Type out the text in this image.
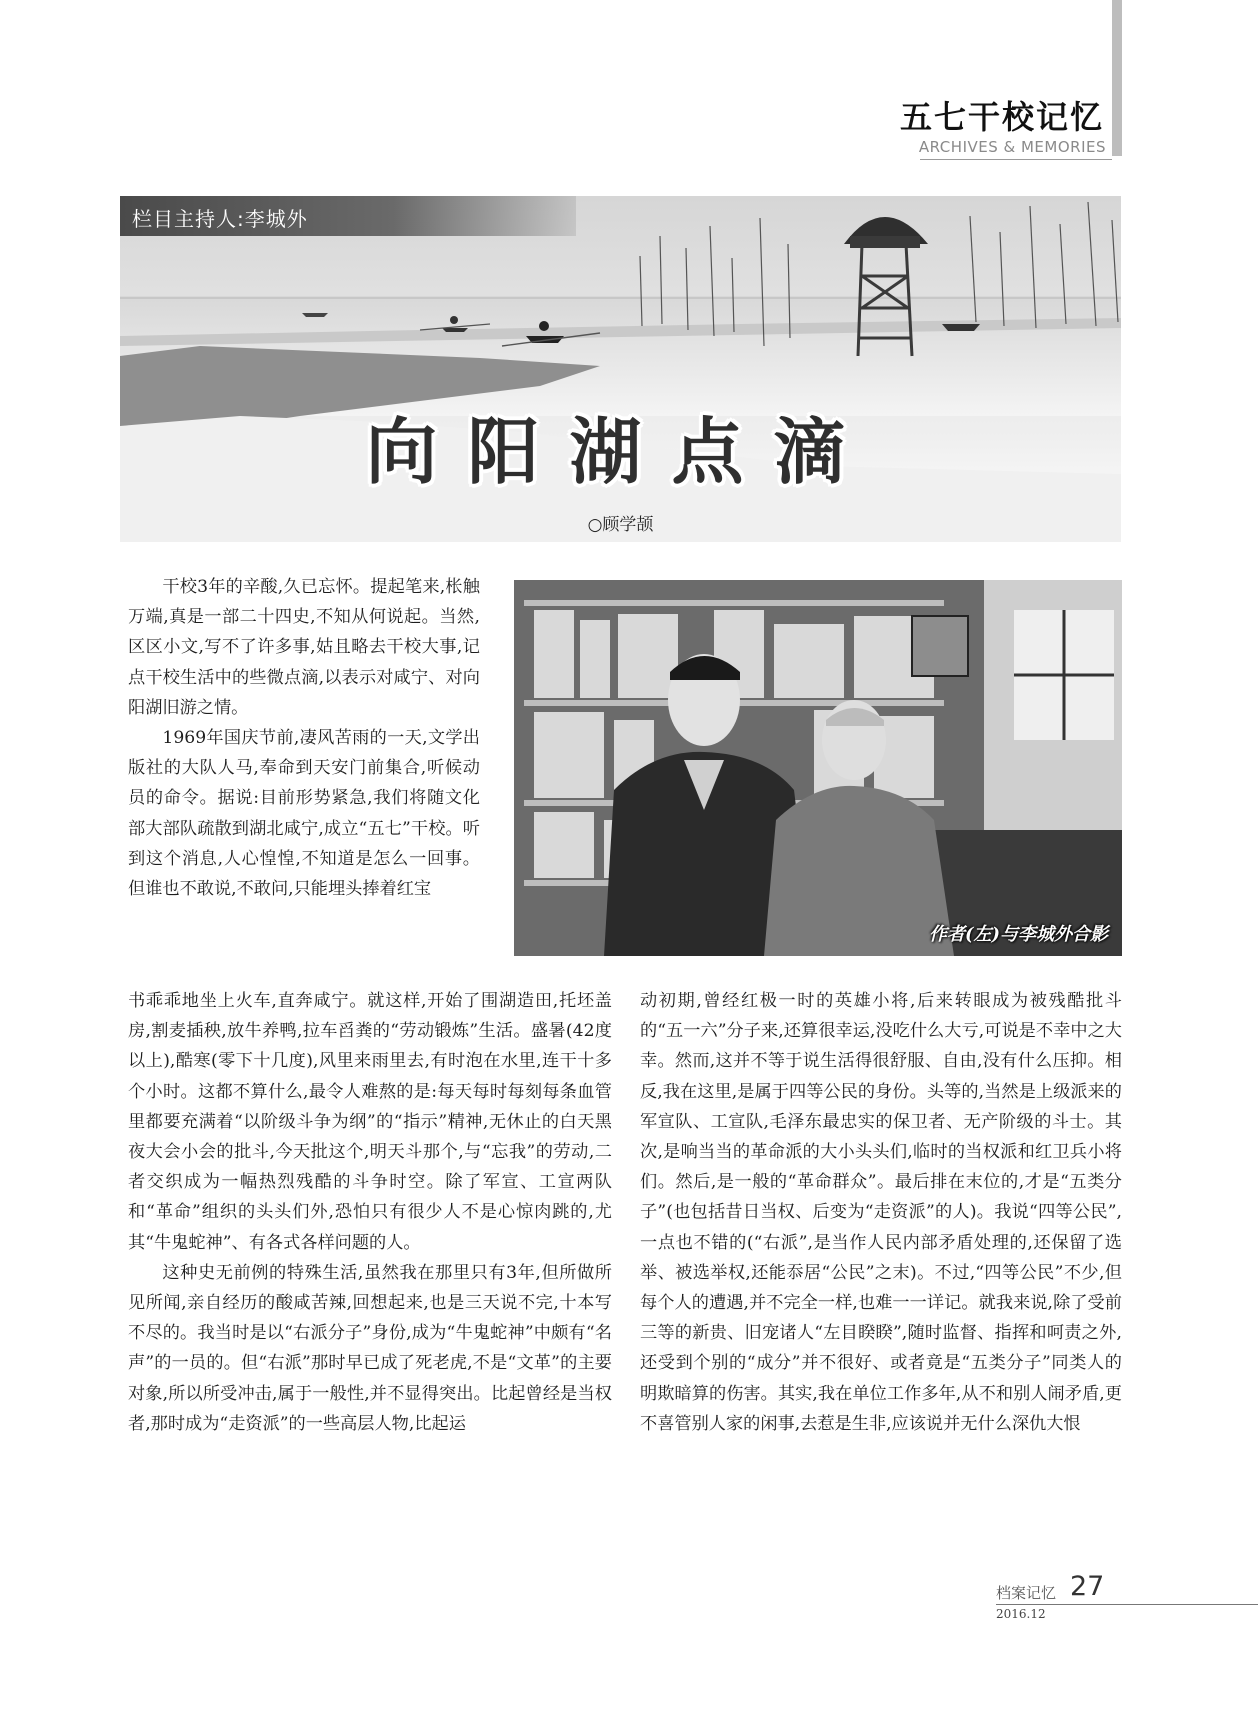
五七干校记忆
ARCHIVES & MEMORIES
栏目主持人:李城外
向阳湖点滴
○顾学颉

干校3年的辛酸,久已忘怀。提起笔来,枨触万端,真是一部二十四史,不知从何说起。当然,区区小文,写不了许多事,姑且略去干校大事,记点干校生活中的些微点滴,以表示对咸宁、对向阳湖旧游之情。

1969年国庆节前,凄风苦雨的一天,文学出版社的大队人马,奉命到天安门前集合,听候动员的命令。据说:目前形势紧急,我们将随文化部大部队疏散到湖北咸宁,成立“五七”干校。听到这个消息,人心惶惶,不知道是怎么一回事。但谁也不敢说,不敢问,只能埋头捧着红宝

作者(左)与李城外合影

书乖乖地坐上火车,直奔咸宁。就这样,开始了围湖造田,托坯盖房,割麦插秧,放牛养鸭,拉车舀粪的“劳动锻炼”生活。盛暑(42度以上),酷寒(零下十几度),风里来雨里去,有时泡在水里,连干十多个小时。这都不算什么,最令人难熬的是:每天每时每刻每条血管里都要充满着“以阶级斗争为纲”的“指示”精神,无休止的白天黑夜大会小会的批斗,今天批这个,明天斗那个,与“忘我”的劳动,二者交织成为一幅热烈残酷的斗争时空。除了军宣、工宣两队和“革命”组织的头头们外,恐怕只有很少人不是心惊肉跳的,尤其“牛鬼蛇神”、有各式各样问题的人。

这种史无前例的特殊生活,虽然我在那里只有3年,但所做所见所闻,亲自经历的酸咸苦辣,回想起来,也是三天说不完,十本写不尽的。我当时是以“右派分子”身份,成为“牛鬼蛇神”中颇有“名声”的一员的。但“右派”那时早已成了死老虎,不是“文革”的主要对象,所以所受冲击,属于一般性,并不显得突出。比起曾经是当权者,那时成为“走资派”的一些高层人物,比起运

动初期,曾经红极一时的英雄小将,后来转眼成为被残酷批斗的“五一六”分子来,还算很幸运,没吃什么大亏,可说是不幸中之大幸。然而,这并不等于说生活得很舒服、自由,没有什么压抑。相反,我在这里,是属于四等公民的身份。头等的,当然是上级派来的军宣队、工宣队,毛泽东最忠实的保卫者、无产阶级的斗士。其次,是响当当的革命派的大小头头们,临时的当权派和红卫兵小将们。然后,是一般的“革命群众”。最后排在末位的,才是“五类分子”(也包括昔日当权、后变为“走资派”的人)。我说“四等公民”,一点也不错的(“右派”,是当作人民内部矛盾处理的,还保留了选举、被选举权,还能忝居“公民”之末)。不过,“四等公民”不少,但每个人的遭遇,并不完全一样,也难一一详记。就我来说,除了受前三等的新贵、旧宠诸人“左目睽睽”,随时监督、指挥和呵责之外,还受到个别的“成分”并不很好、或者竟是“五类分子”同类人的明欺暗算的伤害。其实,我在单位工作多年,从不和别人闹矛盾,更不喜管别人家的闲事,去惹是生非,应该说并无什么深仇大恨

档案记忆 27
2016.12
